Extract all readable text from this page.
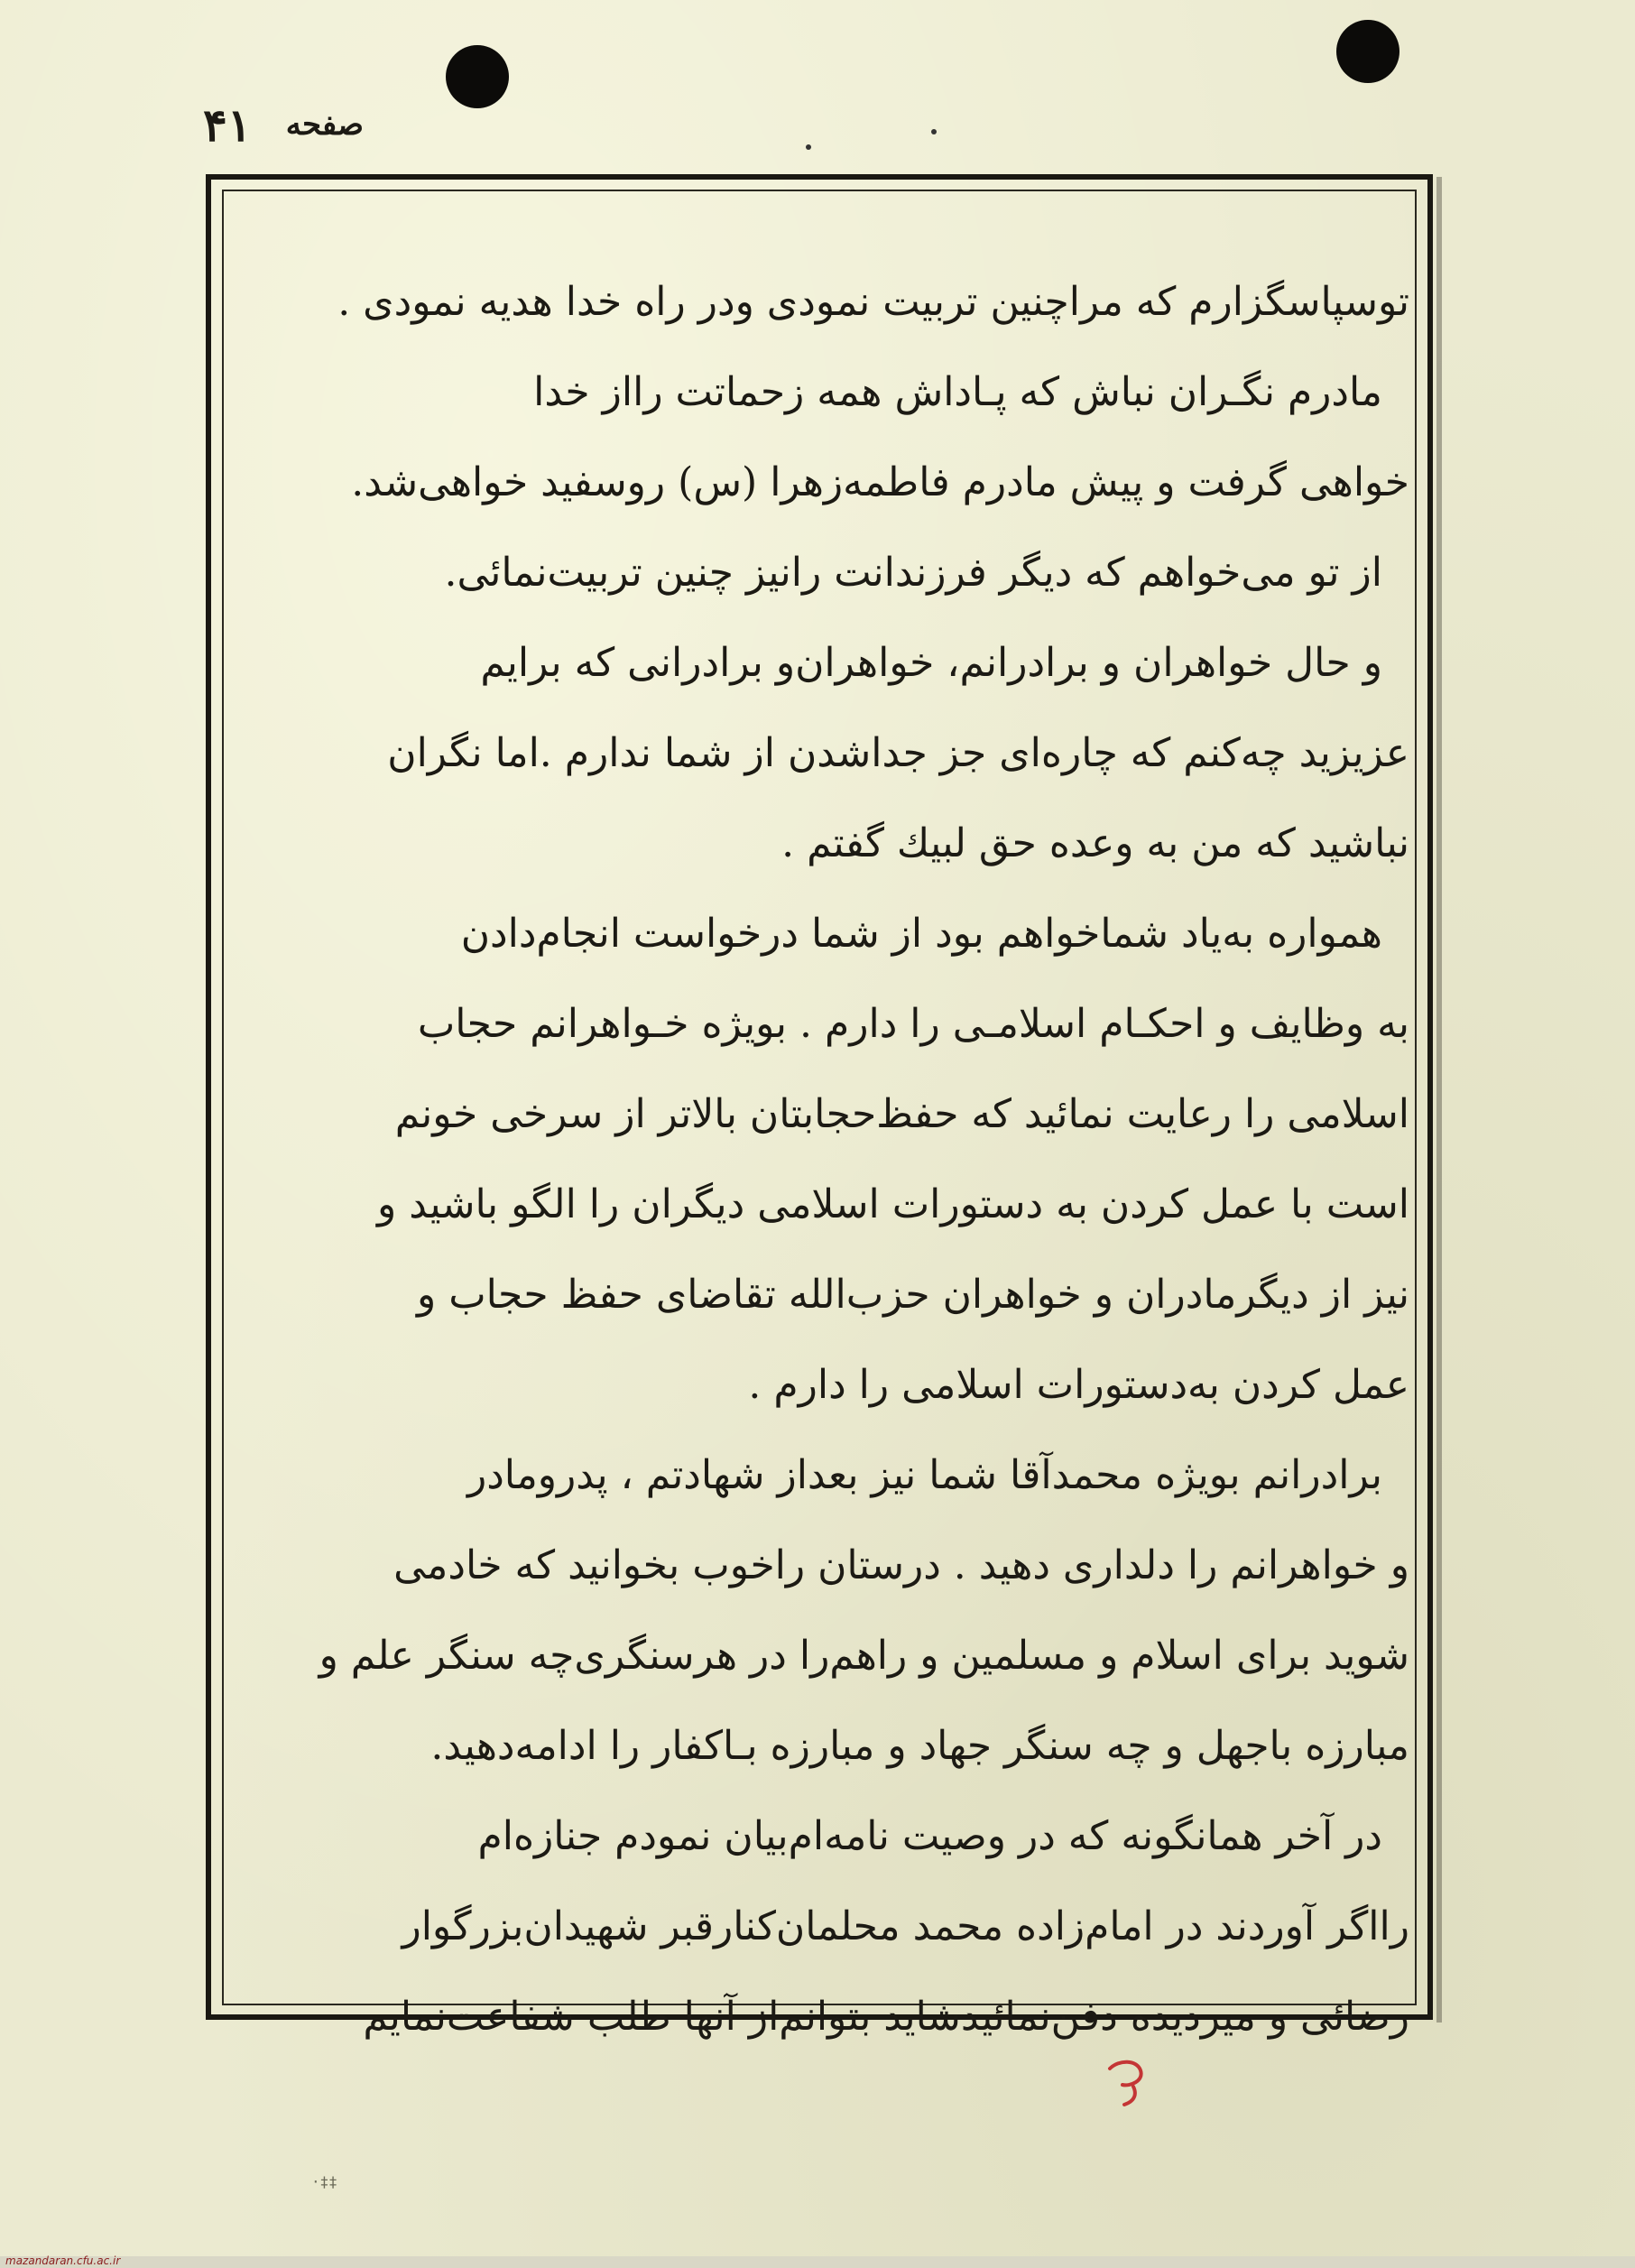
۴۱ صفحه
توسپاسگزارم که مراچنین تربیت نمودی ودر راه خدا هدیه نمودی .
مادرم نگـران نباش که پـاداش همه زحماتت راا‌ز خدا
خواهی گرفت و پیش مادرم فاطمه‌زهرا (س) روسفید خواهی‌شد.
از تو می‌خواهم که دیگر فرزندانت رانیز چنین تربیت‌نمائی.
و حال خواهران و برادرانم، خواهران‌و برادرانی که برایم
عزیزید چه‌کنم که چاره‌ای جز جداشدن از شما ندارم .اما نگران
نباشید که من به وعده حق لبیك گفتم .
همواره به‌یاد شماخواهم بود از شما درخواست انجام‌دادن
به وظایف و احکـام اسلامـی را دارم . بویژه خـواهرانم حجاب
اسلامی را رعایت نمائید که حفظ‌حجابتان بالاتر از سرخی خونم
است با عمل کردن به دستورات اسلامی دیگران را الگو باشید و
نیز از دیگرمادران و خواهران حزب‌الله تقاضای حفظ حجاب و
عمل کردن به‌دستورات اسلامی را دارم .
برادرانم بویژه محمدآقا شما نیز بعداز شهادتم ، پدرومادر
و خواهرانم را دلداری دهید . درستان راخوب بخوانید که خادمی
شوید برای اسلام و مسلمین و راهم‌را در هرسنگری‌چه سنگر علم و
مبارزه باجهل و چه سنگر جهاد و مبارزه بـاکفار را ادامه‌دهید.
در آخر همانگونه که در وصیت نامه‌ام‌بیان نمودم جنازه‌ام
رااگر آوردند در امام‌زاده محمد محلمان‌کنارقبر شهیدان‌بزرگوار
رضائی و میردیده دفن‌نمائیدشاید بتوانم‌از آنها طلب شفاعت‌نمایم
·‡‡
mazandaran.cfu.ac.ir
